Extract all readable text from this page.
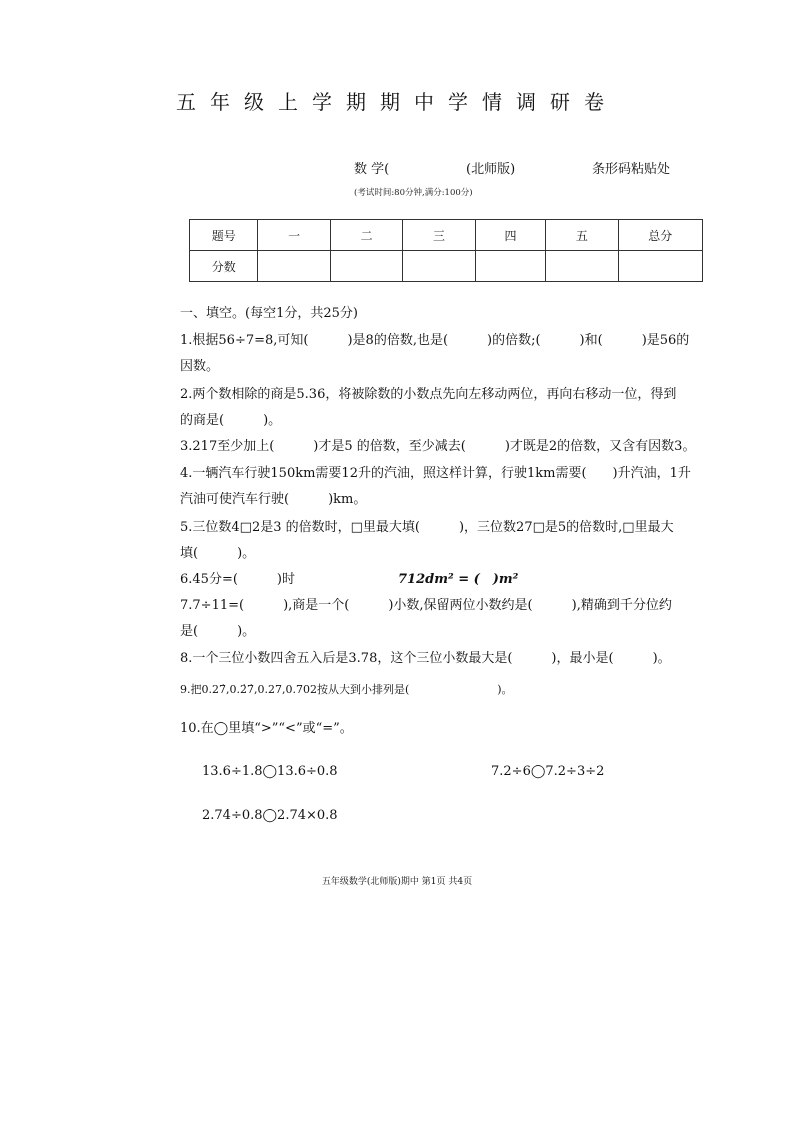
五年级上学期期中学情调研卷
数 学(	(北师版)	条形码粘贴处
(考试时间:80分钟,满分:100分)
题号	一	二	三	四	五	总分
分数						
一、填空。(每空1分，共25分)
1.根据56÷7=8,可知(　　　)是8的倍数,也是(　　　)的倍数;(　　　)和(　　　)是56的
因数。
2.两个数相除的商是5.36，将被除数的小数点先向左移动两位，再向右移动一位，得到
的商是(　　　)。
3.217至少加上(　　　)才是5 的倍数，至少减去(　　　)才既是2的倍数，又含有因数3。
4.一辆汽车行驶150km需要12升的汽油，照这样计算，行驶1km需要(　　)升汽油，1升
汽油可使汽车行驶(　　　)km。
5.三位数4□2是3 的倍数时，□里最大填(　　　)，三位数27□是5的倍数时,□里最大
填(　　　)。
6.45分=(　　　)时	712dm² = (　)m²
7.7÷11=(　　　),商是一个(　　　)小数,保留两位小数约是(　　　),精确到千分位约
是(　　　)。
8.一个三位小数四舍五入后是3.78，这个三位小数最大是(　　　)，最小是(　　　)。
9.把0.27̇,0.2̇7̇,0.27,0.702按从大到小排列是(　　　　　　　　)。
10.在◯里填“>”“<”或“=”。
13.6÷1.8◯13.6÷0.8	7.2÷6◯7.2÷3÷2
2.74÷0.8◯2.74×0.8
五年级数学(北师版)期中 第1页 共4页
